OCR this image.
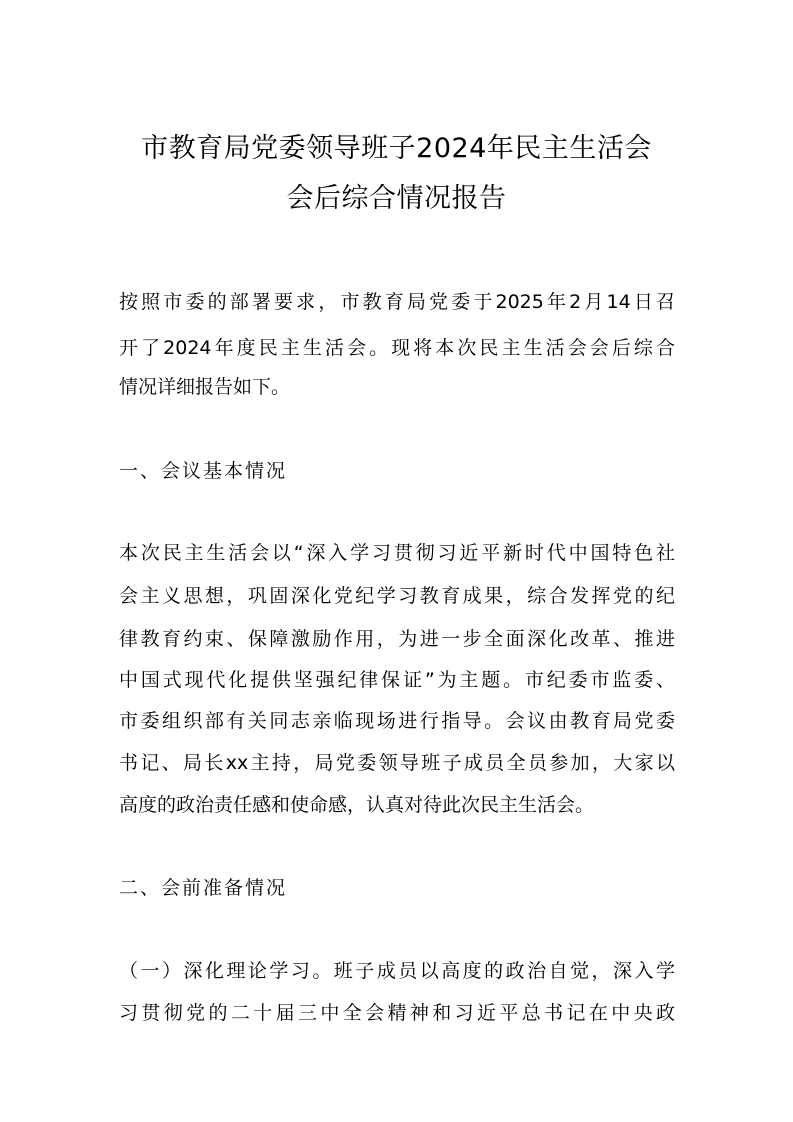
市教育局党委领导班子2024年民主生活会
会后综合情况报告
按照市委的部署要求，市教育局党委于2025年2月14日召
开了2024年度民主生活会。现将本次民主生活会会后综合
情况详细报告如下。
一、会议基本情况
本次民主生活会以“深入学习贯彻习近平新时代中国特色社
会主义思想，巩固深化党纪学习教育成果，综合发挥党的纪
律教育约束、保障激励作用，为进一步全面深化改革、推进
中国式现代化提供坚强纪律保证”为主题。市纪委市监委、
市委组织部有关同志亲临现场进行指导。会议由教育局党委
书记、局长xx主持，局党委领导班子成员全员参加，大家以
高度的政治责任感和使命感，认真对待此次民主生活会。
二、会前准备情况
（一）深化理论学习。班子成员以高度的政治自觉，深入学
习贯彻党的二十届三中全会精神和习近平总书记在中央政
